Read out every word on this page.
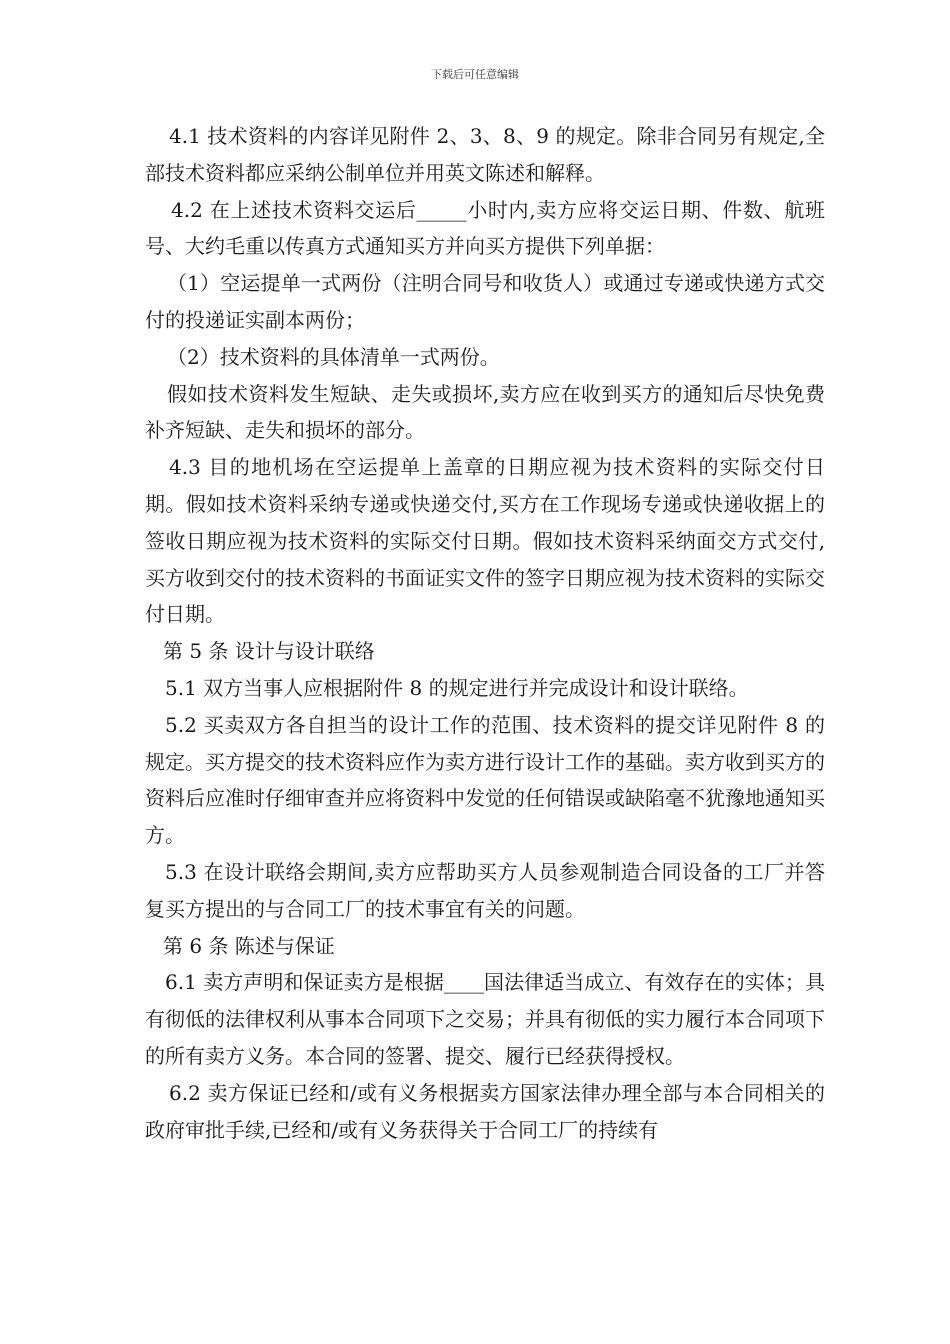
下载后可任意编辑

4.1 技术资料的内容详见附件 2、3、8、9 的规定。除非合同另有规定,全部技术资料都应采纳公制单位并用英文陈述和解释。

4.2 在上述技术资料交运后_____小时内,卖方应将交运日期、件数、航班号、大约毛重以传真方式通知买方并向买方提供下列单据：

（1）空运提单一式两份（注明合同号和收货人）或通过专递或快递方式交付的投递证实副本两份；

（2）技术资料的具体清单一式两份。

假如技术资料发生短缺、走失或损坏,卖方应在收到买方的通知后尽快免费补齐短缺、走失和损坏的部分。

4.3 目的地机场在空运提单上盖章的日期应视为技术资料的实际交付日期。假如技术资料采纳专递或快递交付,买方在工作现场专递或快递收据上的签收日期应视为技术资料的实际交付日期。假如技术资料采纳面交方式交付,买方收到交付的技术资料的书面证实文件的签字日期应视为技术资料的实际交付日期。

第 5 条 设计与设计联络

5.1 双方当事人应根据附件 8 的规定进行并完成设计和设计联络。

5.2 买卖双方各自担当的设计工作的范围、技术资料的提交详见附件 8 的规定。买方提交的技术资料应作为卖方进行设计工作的基础。卖方收到买方的资料后应准时仔细审查并应将资料中发觉的任何错误或缺陷毫不犹豫地通知买方。

5.3 在设计联络会期间,卖方应帮助买方人员参观制造合同设备的工厂并答复买方提出的与合同工厂的技术事宜有关的问题。

第 6 条 陈述与保证

6.1 卖方声明和保证卖方是根据____国法律适当成立、有效存在的实体；具有彻低的法律权利从事本合同项下之交易；并具有彻低的实力履行本合同项下的所有卖方义务。本合同的签署、提交、履行已经获得授权。

6.2 卖方保证已经和/或有义务根据卖方国家法律办理全部与本合同相关的政府审批手续,已经和/或有义务获得关于合同工厂的持续有
